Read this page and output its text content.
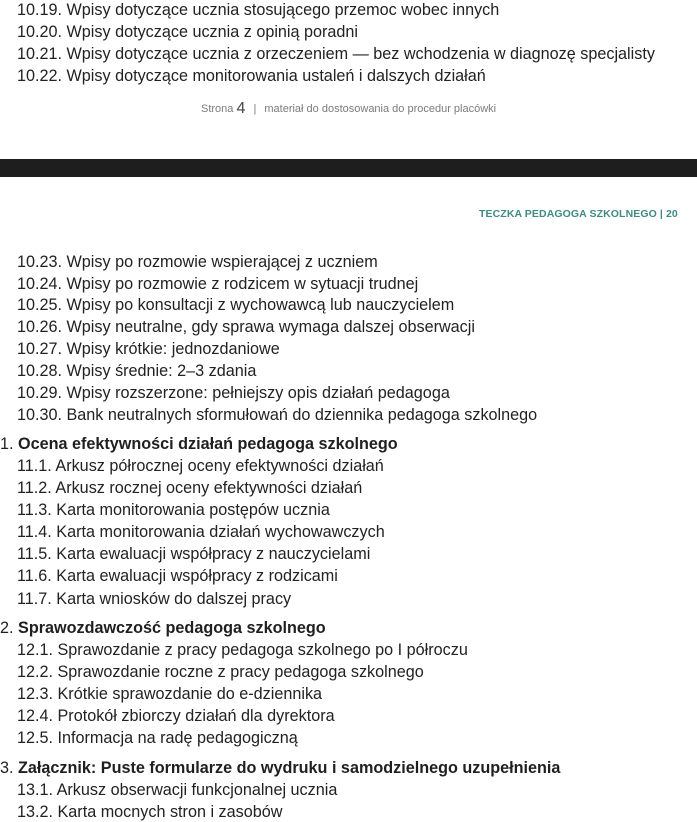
10.19. Wpisy dotyczące ucznia stosującego przemoc wobec innych
10.20. Wpisy dotyczące ucznia z opinią poradni
10.21. Wpisy dotyczące ucznia z orzeczeniem — bez wchodzenia w diagnozę specjalisty
10.22. Wpisy dotyczące monitorowania ustaleń i dalszych działań
Strona 4 | materiał do dostosowania do procedur placówki
TECZKA PEDAGOGA SZKOLNEGO | 20
10.23. Wpisy po rozmowie wspierającej z uczniem
10.24. Wpisy po rozmowie z rodzicem w sytuacji trudnej
10.25. Wpisy po konsultacji z wychowawcą lub nauczycielem
10.26. Wpisy neutralne, gdy sprawa wymaga dalszej obserwacji
10.27. Wpisy krótkie: jednozdaniowe
10.28. Wpisy średnie: 2–3 zdania
10.29. Wpisy rozszerzone: pełniejszy opis działań pedagoga
10.30. Bank neutralnych sformułowań do dziennika pedagoga szkolnego
1. Ocena efektywności działań pedagoga szkolnego
11.1. Arkusz półrocznej oceny efektywności działań
11.2. Arkusz rocznej oceny efektywności działań
11.3. Karta monitorowania postępów ucznia
11.4. Karta monitorowania działań wychowawczych
11.5. Karta ewaluacji współpracy z nauczycielami
11.6. Karta ewaluacji współpracy z rodzicami
11.7. Karta wniosków do dalszej pracy
2. Sprawozdawczość pedagoga szkolnego
12.1. Sprawozdanie z pracy pedagoga szkolnego po I półroczu
12.2. Sprawozdanie roczne z pracy pedagoga szkolnego
12.3. Krótkie sprawozdanie do e-dziennika
12.4. Protokół zbiorczy działań dla dyrektora
12.5. Informacja na radę pedagogiczną
3. Załącznik: Puste formularze do wydruku i samodzielnego uzupełnienia
13.1. Arkusz obserwacji funkcjonalnej ucznia
13.2. Karta mocnych stron i zasobów
